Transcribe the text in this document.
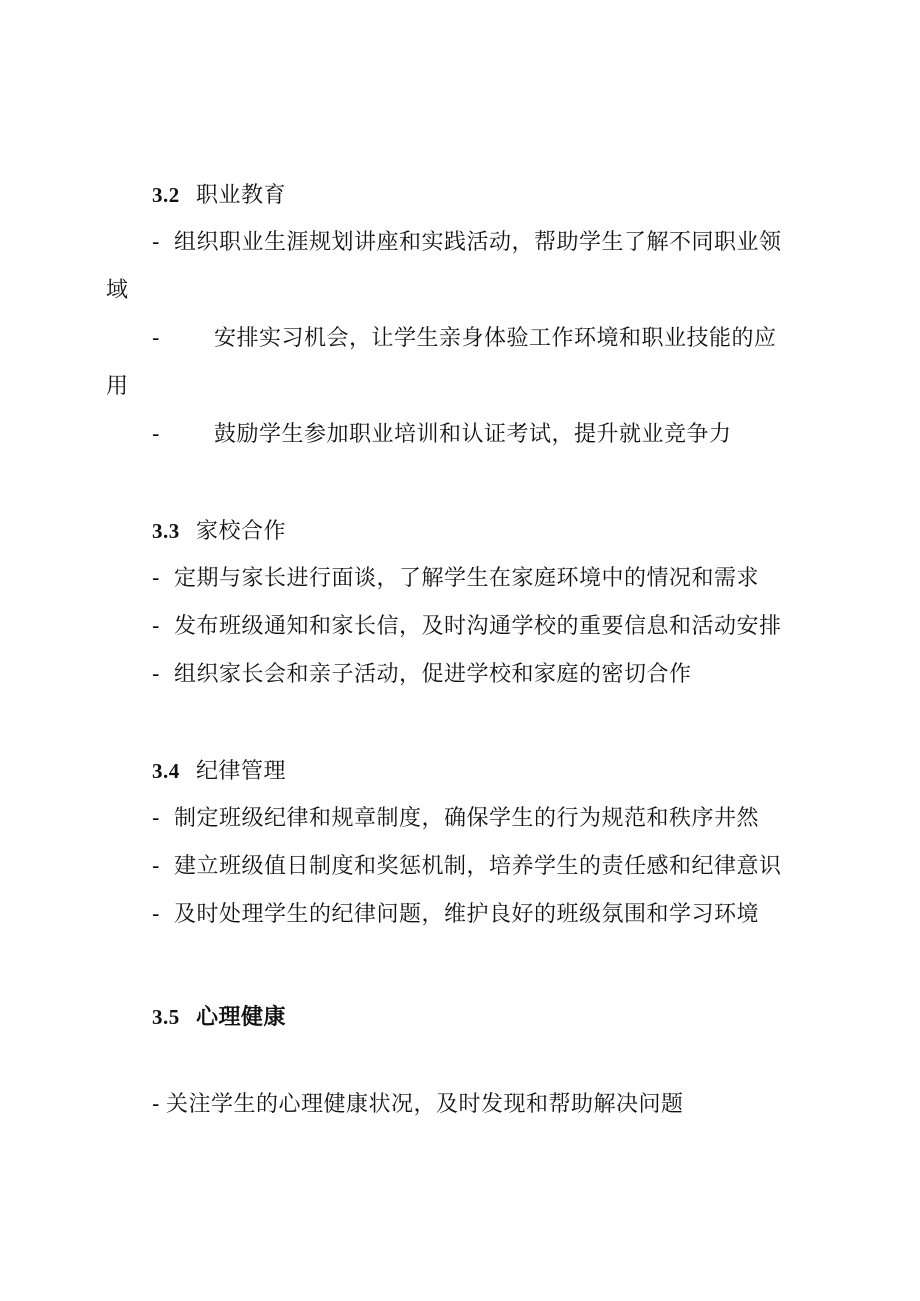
3.2 职业教育
- 组织职业生涯规划讲座和实践活动，帮助学生了解不同职业领
域
- 安排实习机会，让学生亲身体验工作环境和职业技能的应
用
- 鼓励学生参加职业培训和认证考试，提升就业竞争力
3.3 家校合作
- 定期与家长进行面谈，了解学生在家庭环境中的情况和需求
- 发布班级通知和家长信，及时沟通学校的重要信息和活动安排
- 组织家长会和亲子活动，促进学校和家庭的密切合作
3.4 纪律管理
- 制定班级纪律和规章制度，确保学生的行为规范和秩序井然
- 建立班级值日制度和奖惩机制，培养学生的责任感和纪律意识
- 及时处理学生的纪律问题，维护良好的班级氛围和学习环境
3.5 心理健康
- 关注学生的心理健康状况，及时发现和帮助解决问题
